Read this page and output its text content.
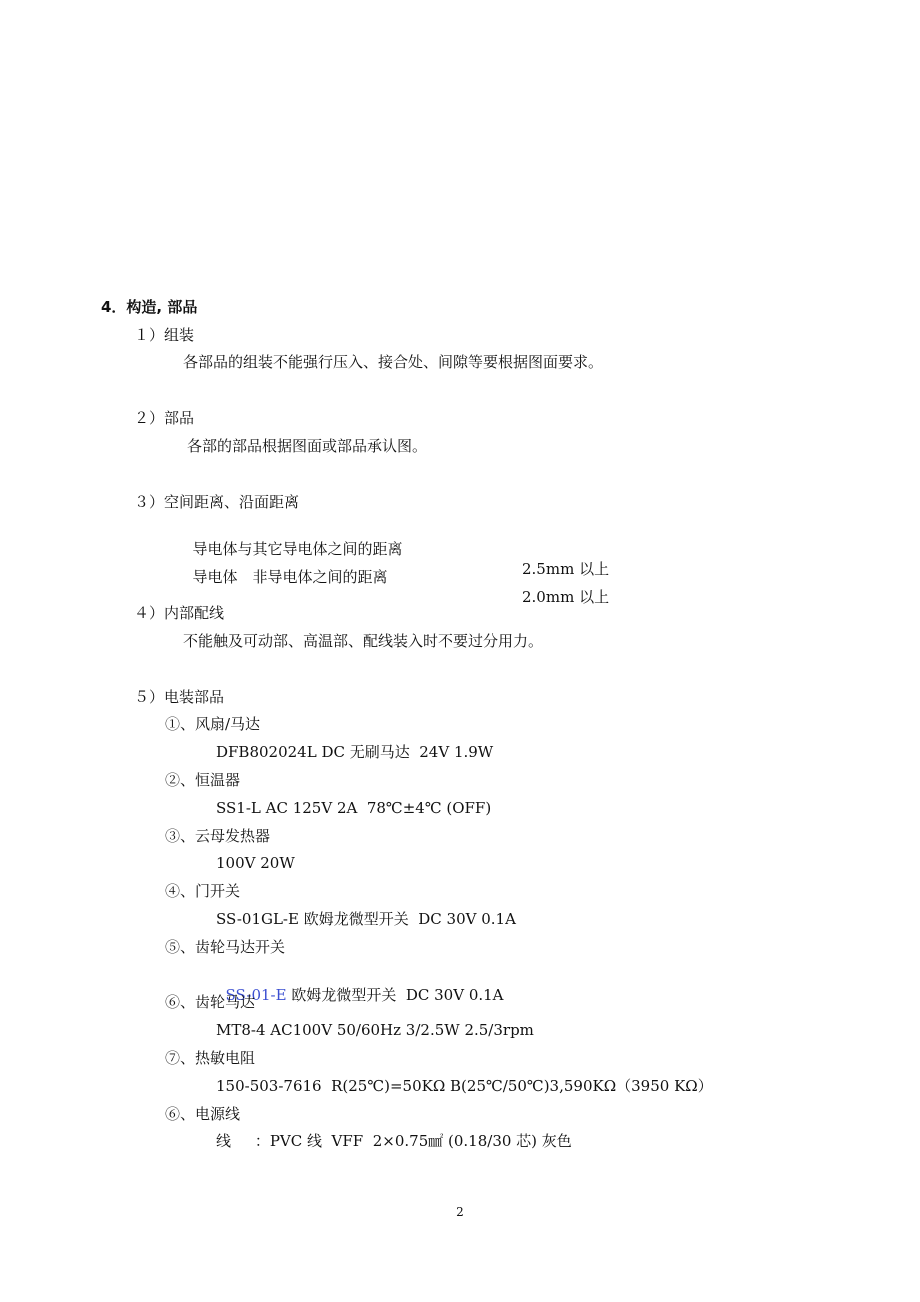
4．构造, 部品
１）组装
各部品的组装不能强行压入、接合处、间隙等要根据图面要求。
２）部品
各部的部品根据图面或部品承认图。
３）空间距离、沿面距离

导电体与其它导电体之间的距离

2.5mm 以上

导电体　非导电体之间的距离

2.0mm 以上

４）内部配线
不能触及可动部、高温部、配线装入时不要过分用力。
５）电装部品
①、风扇/马达
DFB802024L DC 无刷马达  24V 1.9W
②、恒温器
SS1-L AC 125V 2A  78℃±4℃ (OFF)
③、云母发热器
100V 20W
④、门开关
SS-01GL-E 欧姆龙微型开关  DC 30V 0.1A
⑤、齿轮马达开关

SS-01-E 欧姆龙微型开关  DC 30V 0.1A

⑥、齿轮马达
MT8-4 AC100V 50/60Hz 3/2.5W 2.5/3rpm
⑦、热敏电阻
150-503-7616  R(25℃)=50KΩ B(25℃/50℃)3,590KΩ（3950 KΩ）
⑥、电源线
线     ：PVC 线  VFF  2×0.75㎟ (0.18/30 芯) 灰色
2
